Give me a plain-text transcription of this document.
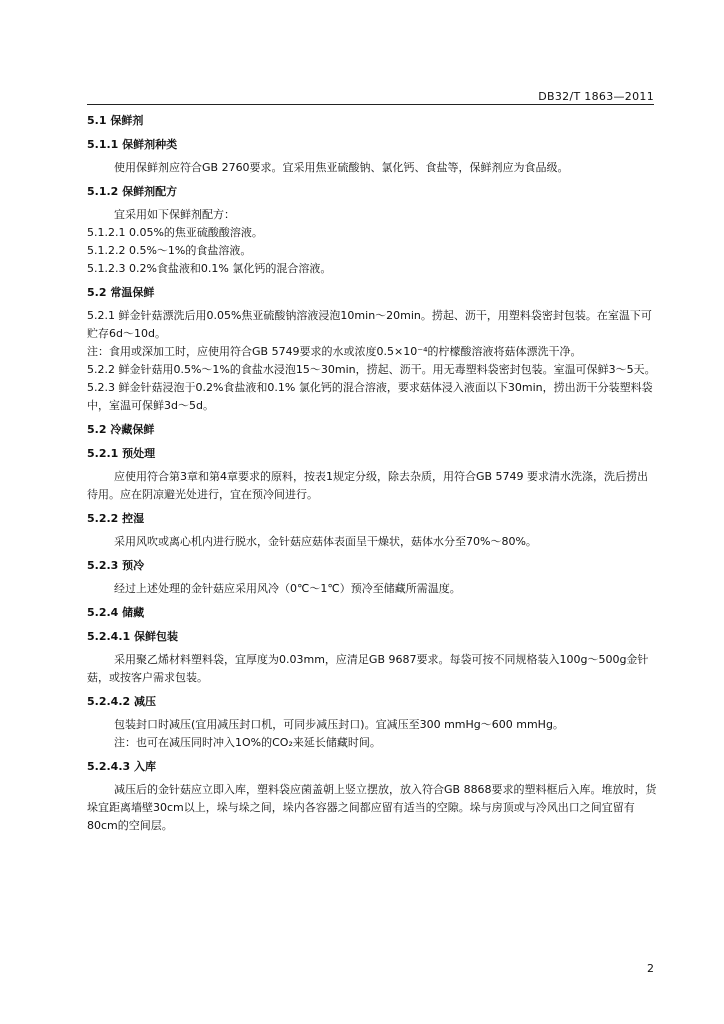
DB32/T 1863—2011

5.1 保鲜剂

5.1.1 保鲜剂种类

使用保鲜剂应符合GB 2760要求。宜采用焦亚硫酸钠、氯化钙、食盐等，保鲜剂应为食品级。

5.1.2 保鲜剂配方

宜采用如下保鲜剂配方：

5.1.2.1 0.05%的焦亚硫酸酸溶液。

5.1.2.2 0.5%～1%的食盐溶液。

5.1.2.3 0.2%食盐液和0.1% 氯化钙的混合溶液。

5.2 常温保鲜

5.2.1 鲜金针菇漂洗后用0.05%焦亚硫酸钠溶液浸泡10min～20min。捞起、沥干，用塑料袋密封包装。在室温下可贮存6d～10d。

注：食用或深加工时，应使用符合GB 5749要求的水或浓度0.5×10⁻⁴的柠檬酸溶液将菇体漂洗干净。

5.2.2 鲜金针菇用0.5%～1%的食盐水浸泡15～30min，捞起、沥干。用无毒塑料袋密封包装。室温可保鲜3～5天。

5.2.3 鲜金针菇浸泡于0.2%食盐液和0.1% 氯化钙的混合溶液，要求菇体浸入液面以下30min，捞出沥干分装塑料袋中，室温可保鲜3d～5d。

5.2 冷藏保鲜

5.2.1 预处理

应使用符合第3章和第4章要求的原料，按表1规定分级，除去杂质，用符合GB 5749 要求清水洗涤，洗后捞出待用。应在阴凉避光处进行，宜在预冷间进行。

5.2.2 控湿

采用风吹或离心机内进行脱水，金针菇应菇体表面呈干燥状，菇体水分至70%～80%。

5.2.3 预冷

经过上述处理的金针菇应采用风冷（0℃～1℃）预冷至储藏所需温度。

5.2.4 储藏

5.2.4.1 保鲜包装

采用聚乙烯材料塑料袋，宜厚度为0.03mm，应清足GB 9687要求。每袋可按不同规格装入100g～500g金针菇，或按客户需求包装。

5.2.4.2 减压

包装封口时减压(宜用减压封口机，可同步减压封口)。宜减压至300 mmHg～600 mmHg。

注：也可在减压同时冲入1O%的CO₂来延长储藏时间。

5.2.4.3 入库

减压后的金针菇应立即入库，塑料袋应菌盖朝上竖立摆放，放入符合GB 8868要求的塑料框后入库。堆放时，货垛宜距离墙壁30cm以上，垛与垛之间，垛内各容器之间都应留有适当的空隙。垛与房顶或与冷风出口之间宜留有80cm的空间层。

2
